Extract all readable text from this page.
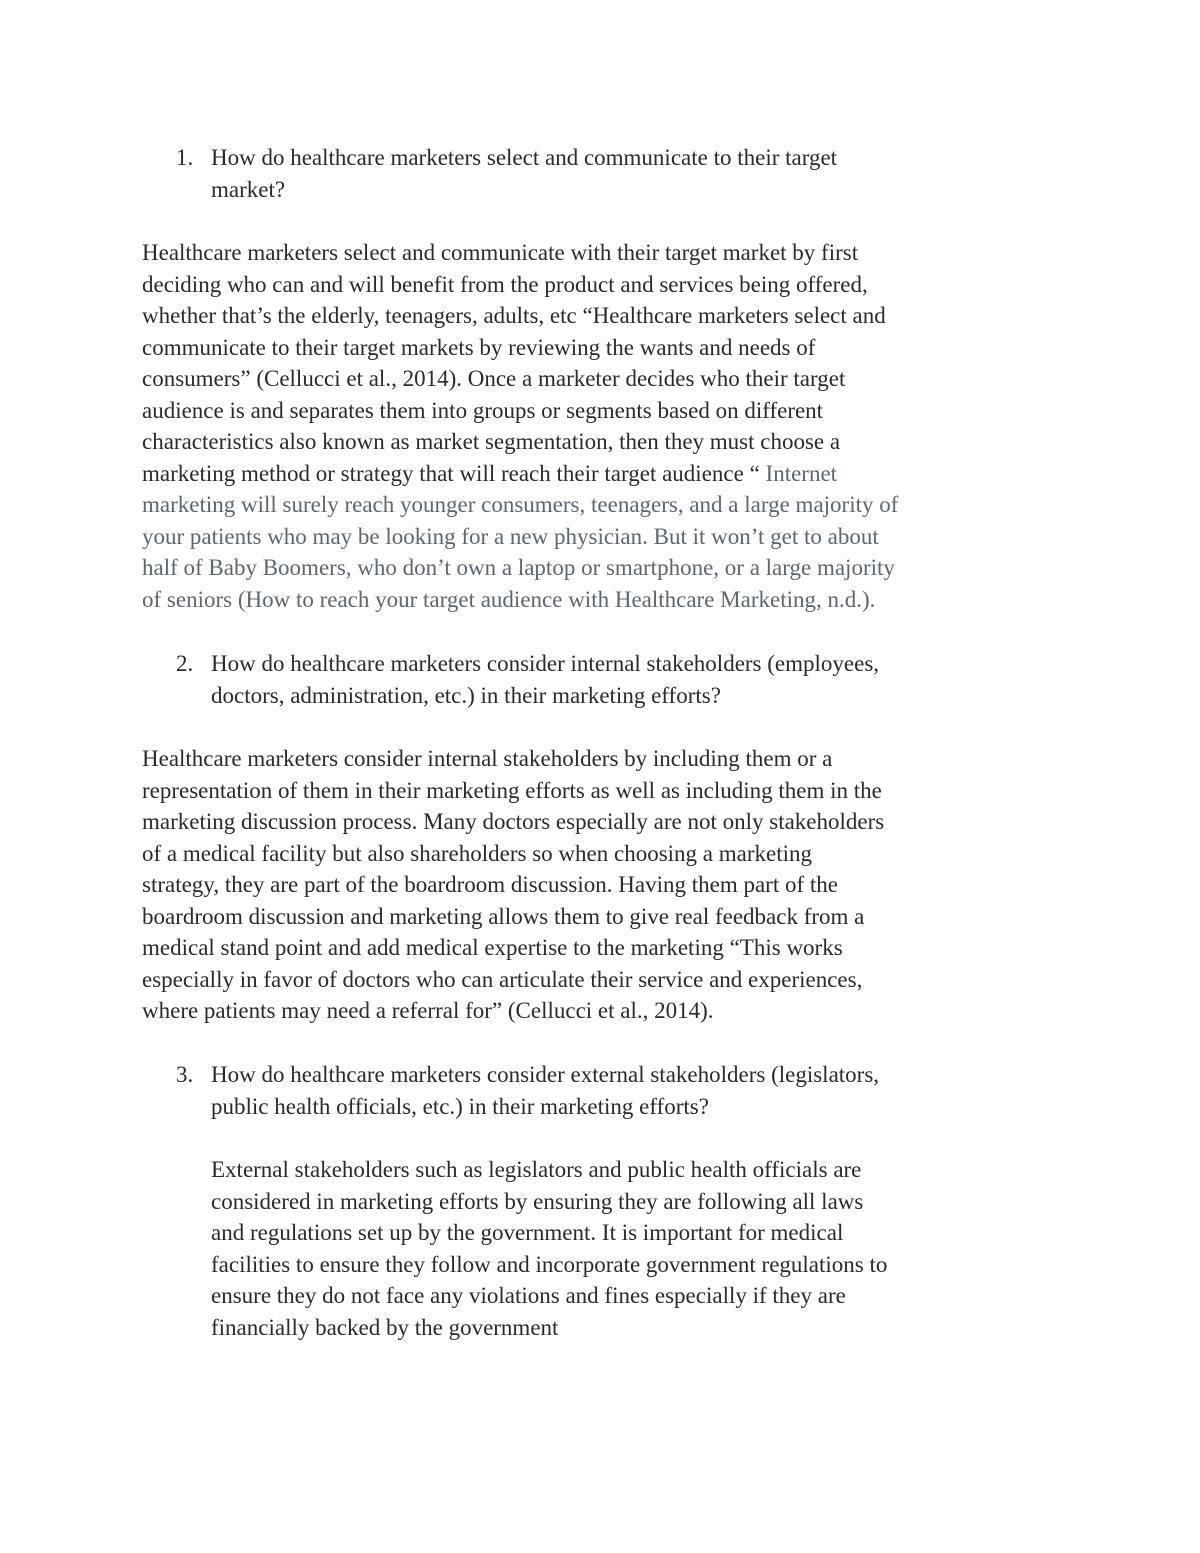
1. How do healthcare marketers select and communicate to their target
market?
Healthcare marketers select and communicate with their target market by first
deciding who can and will benefit from the product and services being offered,
whether that’s the elderly, teenagers, adults, etc “Healthcare marketers select and
communicate to their target markets by reviewing the wants and needs of
consumers” (Cellucci et al., 2014). Once a marketer decides who their target
audience is and separates them into groups or segments based on different
characteristics also known as market segmentation, then they must choose a
marketing method or strategy that will reach their target audience “ Internet
marketing will surely reach younger consumers, teenagers, and a large majority of
your patients who may be looking for a new physician. But it won’t get to about
half of Baby Boomers, who don’t own a laptop or smartphone, or a large majority
of seniors (How to reach your target audience with Healthcare Marketing, n.d.).
2. How do healthcare marketers consider internal stakeholders (employees,
doctors, administration, etc.) in their marketing efforts?
Healthcare marketers consider internal stakeholders by including them or a
representation of them in their marketing efforts as well as including them in the
marketing discussion process. Many doctors especially are not only stakeholders
of a medical facility but also shareholders so when choosing a marketing
strategy, they are part of the boardroom discussion. Having them part of the
boardroom discussion and marketing allows them to give real feedback from a
medical stand point and add medical expertise to the marketing “This works
especially in favor of doctors who can articulate their service and experiences,
where patients may need a referral for” (Cellucci et al., 2014).
3. How do healthcare marketers consider external stakeholders (legislators,
public health officials, etc.) in their marketing efforts?
External stakeholders such as legislators and public health officials are
considered in marketing efforts by ensuring they are following all laws
and regulations set up by the government. It is important for medical
facilities to ensure they follow and incorporate government regulations to
ensure they do not face any violations and fines especially if they are
financially backed by the government
